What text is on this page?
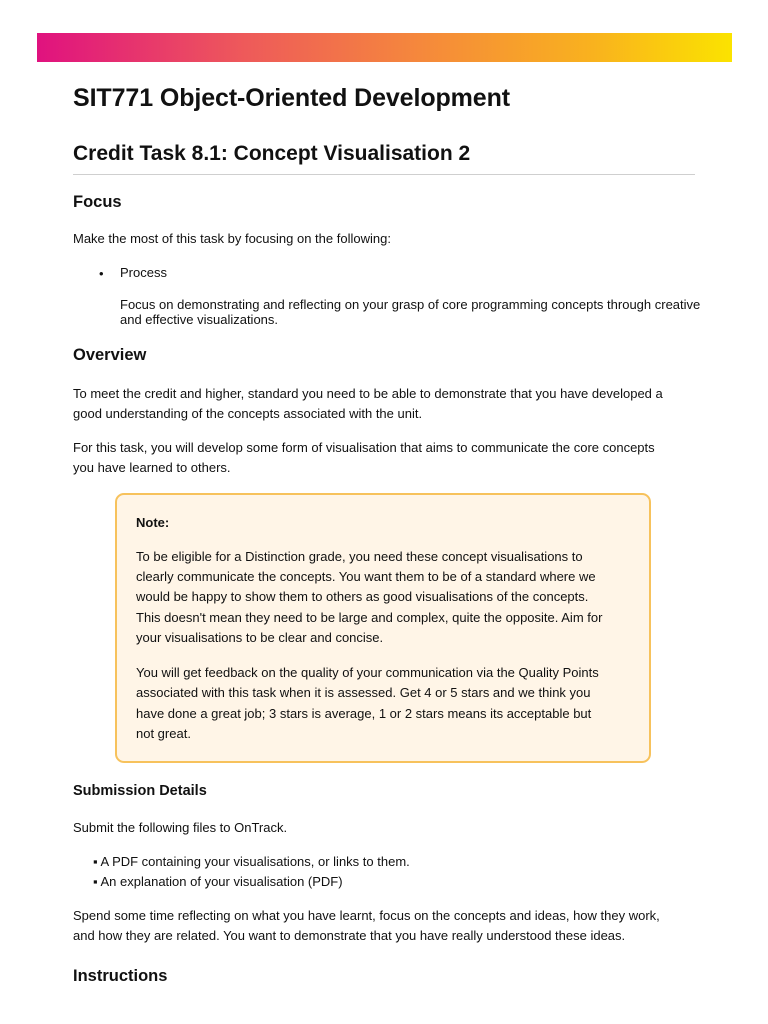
SIT771 Object-Oriented Development
Credit Task 8.1: Concept Visualisation 2
Focus

Make the most of this task by focusing on the following:

• Process

Focus on demonstrating and reflecting on your grasp of core programming concepts through creative

and effective visualizations.

Overview

To meet the credit and higher, standard you need to be able to demonstrate that you have developed a

good understanding of the concepts associated with the unit.

For this task, you will develop some form of visualisation that aims to communicate the core concepts

you have learned to others.

Submission Details

Submit the following files to OnTrack.

▪ A PDF containing your visualisations, or links to them.

▪ An explanation of your visualisation (PDF)

Spend some time reflecting on what you have learnt, focus on the concepts and ideas, how they work,

and how they are related. You want to demonstrate that you have really understood these ideas.

Instructions

Note:

To be eligible for a Distinction grade, you need these concept visualisations to

clearly communicate the concepts. You want them to be of a standard where we

would be happy to show them to others as good visualisations of the concepts.

This doesn't mean they need to be large and complex, quite the opposite. Aim for

your visualisations to be clear and concise.

You will get feedback on the quality of your communication via the Quality Points

associated with this task when it is assessed. Get 4 or 5 stars and we think you

have done a great job; 3 stars is average, 1 or 2 stars means its acceptable but

not great.
